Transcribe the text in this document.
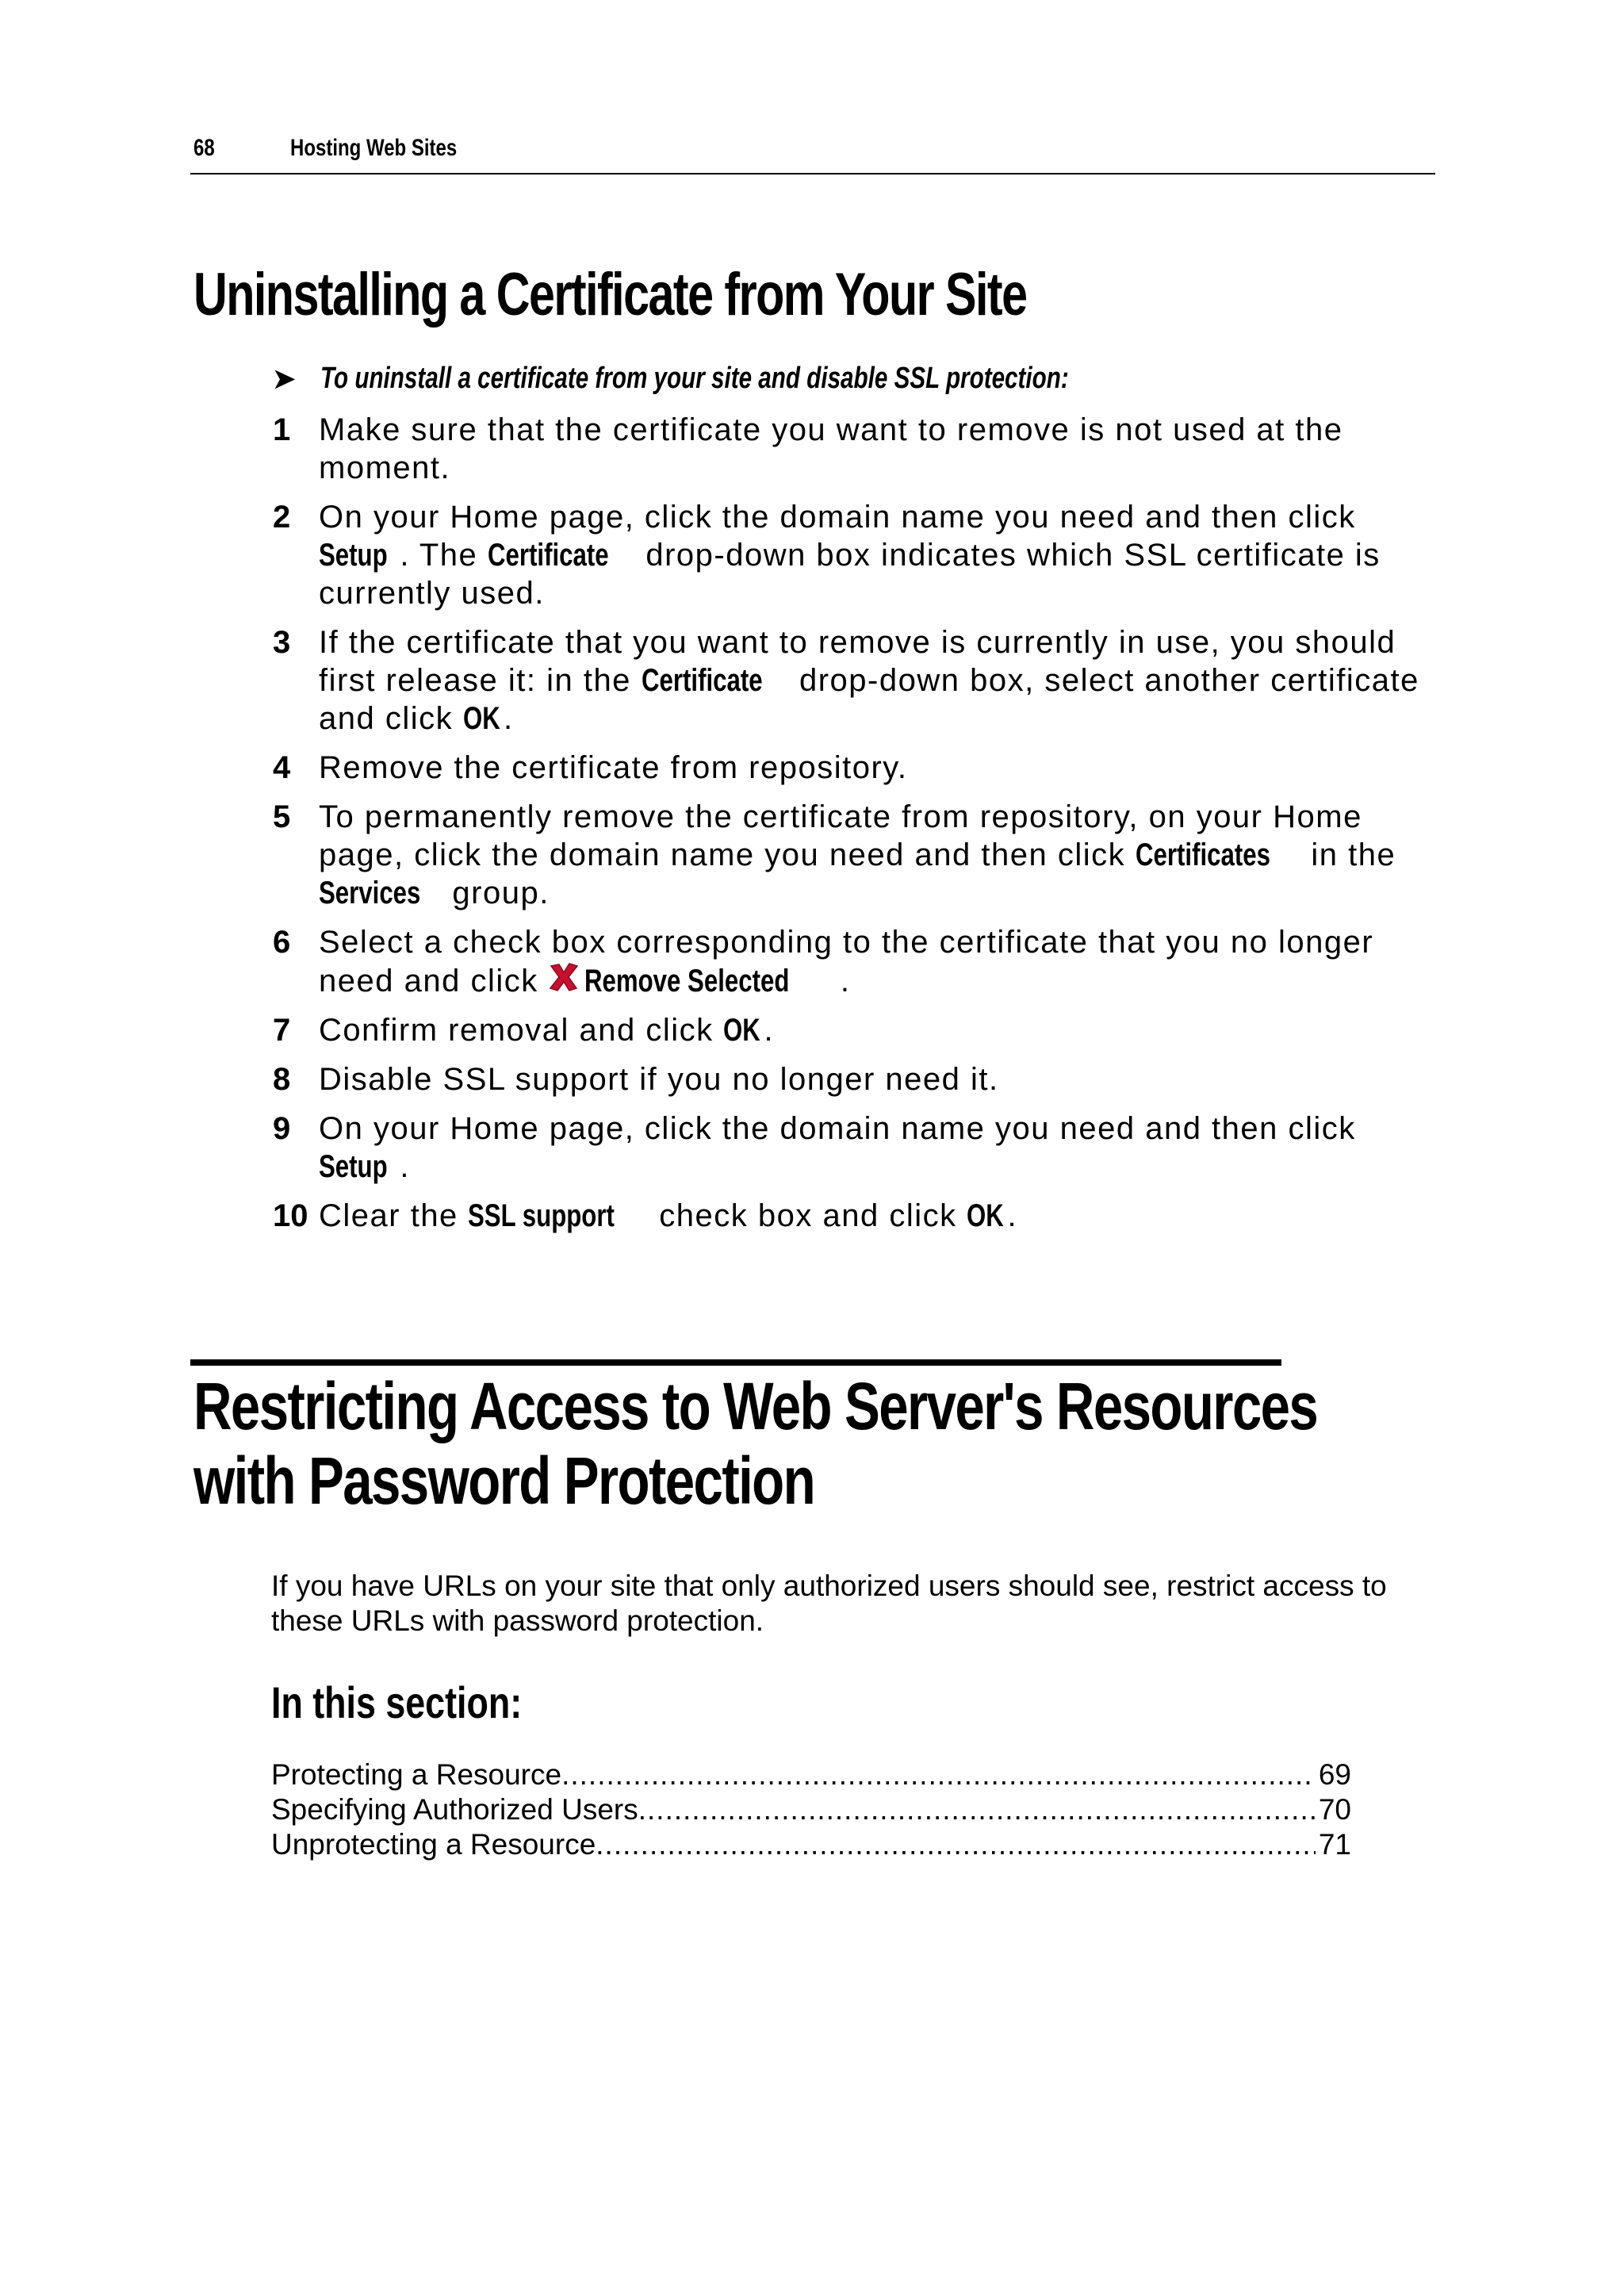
68	Hosting Web Sites
Uninstalling a Certificate from Your Site
➤ To uninstall a certificate from your site and disable SSL protection:
1 Make sure that the certificate you want to remove is not used at the moment.
2 On your Home page, click the domain name you need and then click Setup . The Certificate drop-down box indicates which SSL certificate is currently used.
3 If the certificate that you want to remove is currently in use, you should first release it: in the Certificate drop-down box, select another certificate and click OK .
4 Remove the certificate from repository.
5 To permanently remove the certificate from repository, on your Home page, click the domain name you need and then click Certificates in the Services group.
6 Select a check box corresponding to the certificate that you no longer need and click Remove Selected .
7 Confirm removal and click OK .
8 Disable SSL support if you no longer need it.
9 On your Home page, click the domain name you need and then click Setup .
10 Clear the SSL support check box and click OK .
Restricting Access to Web Server's Resources with Password Protection

If you have URLs on your site that only authorized users should see, restrict access to these URLs with password protection.

In this section:
Protecting a Resource .....	69
Specifying Authorized Users .....	70
Unprotecting a Resource .....	71
